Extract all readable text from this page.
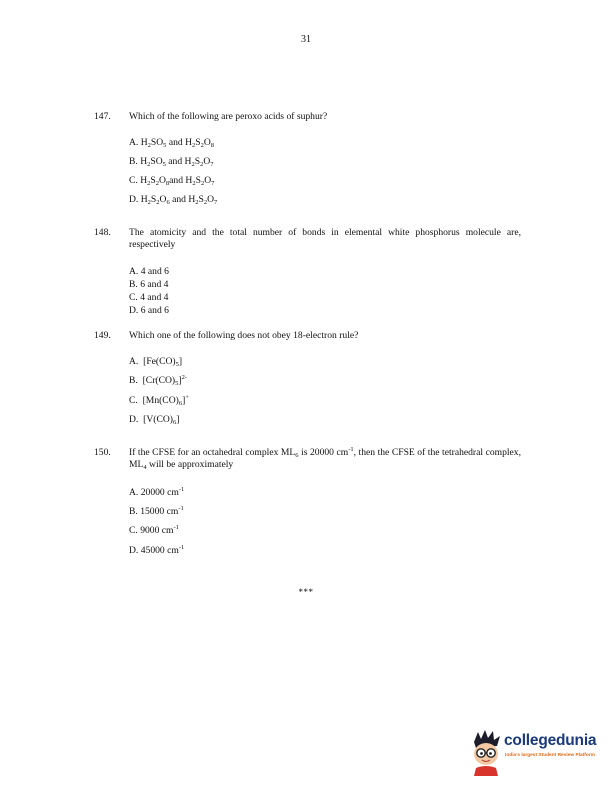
31
147. Which of the following are peroxo acids of suphur?
A. $H_2SO_5$ and $H_2S_2O_8$
B. $H_2SO_5$ and $H_2S_2O_7$
C. $H_2S_2O_8and$ $H_2S_2O_7$
D. $H_2S_2O_6$ and $H_2S_2O_7$
148. The atomicity and the total number of bonds in elemental white phosphorus molecule are, respectively
A. 4 and 6
B. 6 and 4
C. 4 and 4
D. 6 and 6
149. Which one of the following does not obey 18-electron rule?
A.  $[Fe(CO)_5]$
B.  $[Cr(CO)_5]^{2-}$
C.  $[Mn(CO)_6]^+$
D.  $[V(CO)_6]$
150. If the CFSE for an octahedral complex $ML_6$ is 20000 $cm^{-1}$, then the CFSE of the tetrahedral complex, $ML_4$ will be approximately
A. 20000 $cm^{-1}$
B. 15000 $cm^{-1}$
C. 9000 $cm^{-1}$
D. 45000 $cm^{-1}$
***
collegedunia
India's largest Student Review Platform
